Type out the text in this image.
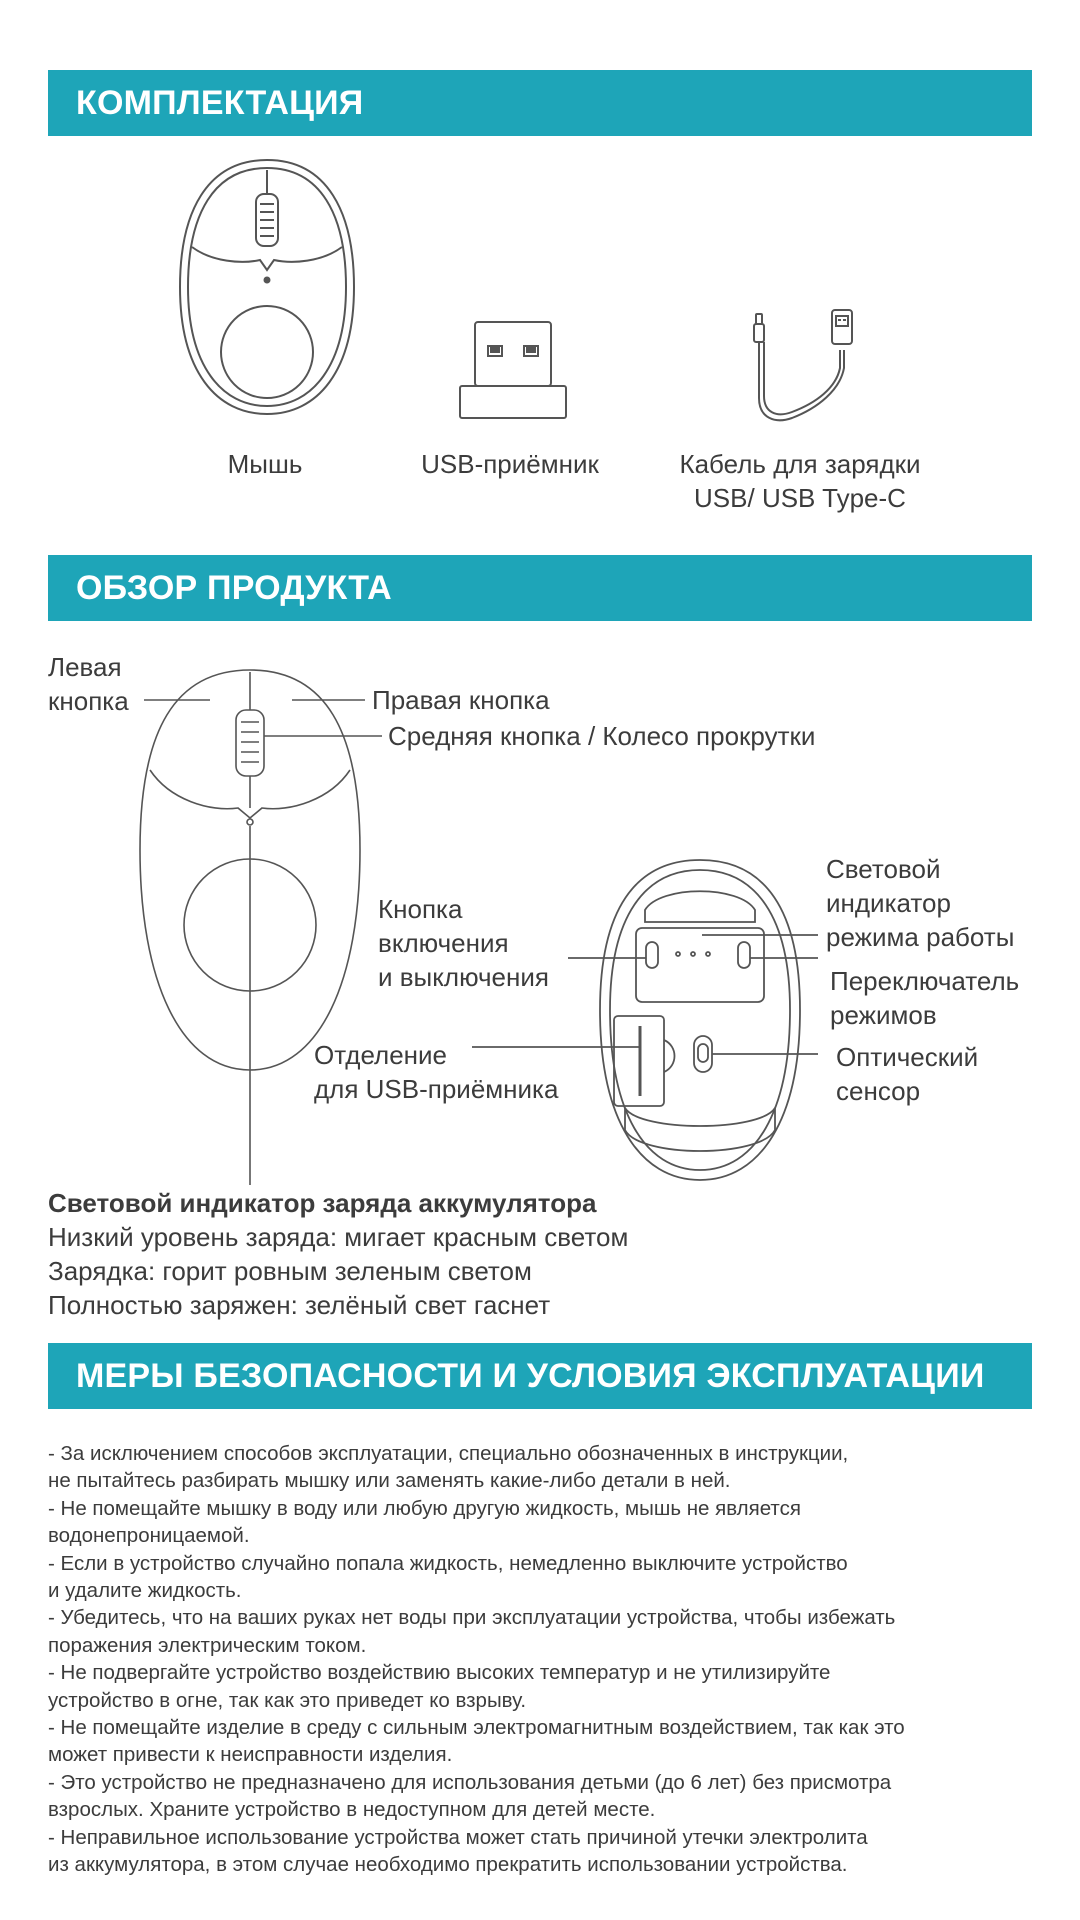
КОМПЛЕКТАЦИЯ
Мышь	USB-приёмник	Кабель для зарядки
USB/ USB Type-C
ОБЗОР ПРОДУКТА
Левая
кнопка	Правая кнопка
Средняя кнопка / Колесо прокрутки
Кнопка
включения
и выключения
Отделение
для USB-приёмника
Световой
индикатор
режима работы
Переключатель
режимов
Оптический
сенсор
Световой индикатор заряда аккумулятора
Низкий уровень заряда: мигает красным светом
Зарядка: горит ровным зеленым светом
Полностью заряжен: зелёный свет гаснет
МЕРЫ БЕЗОПАСНОСТИ И УСЛОВИЯ ЭКСПЛУАТАЦИИ

- За исключением способов эксплуатации, специально обозначенных в инструкции,

не пытайтесь разбирать мышку или заменять какие-либо детали в ней.

- Не помещайте мышку в воду или любую другую жидкость, мышь не является

водонепроницаемой.

- Если в устройство случайно попала жидкость, немедленно выключите устройство

и удалите жидкость.

- Убедитесь, что на ваших руках нет воды при эксплуатации устройства, чтобы избежать

поражения электрическим током.

- Не подвергайте устройство воздействию высоких температур и не утилизируйте

устройство в огне, так как это приведет ко взрыву.

- Не помещайте изделие в среду с сильным электромагнитным воздействием, так как это

может привести к неисправности изделия.

- Это устройство не предназначено для использования детьми (до 6 лет) без присмотра

взрослых. Храните устройство в недоступном для детей месте.

- Неправильное использование устройства может стать причиной утечки электролита

из аккумулятора, в этом случае необходимо прекратить использовании устройства.
